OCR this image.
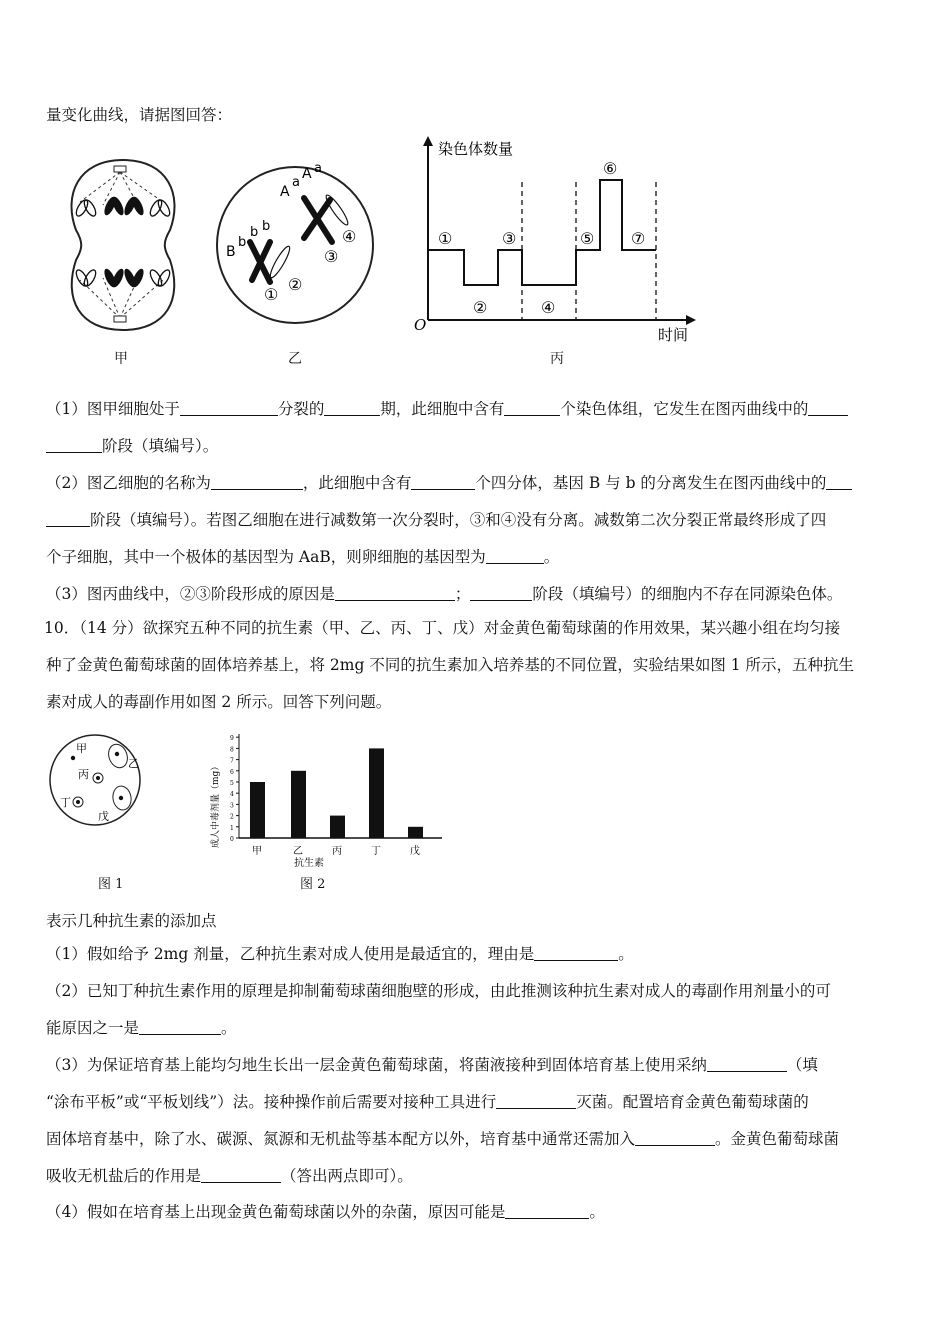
量变化曲线，请据图回答：
甲
A
a
A a
B
b
b b
①
②
③
④
乙
染色体数量
时间
O
①
②
③
④
⑤
⑥
⑦
丙
（1）图甲细胞处于	分裂的	期，此细胞中含有	个染色体组，它发生在图丙曲线中的
阶段（填编号）。
（2）图乙细胞的名称为	，此细胞中含有	个四分体，基因 B 与 b 的分离发生在图丙曲线中的
阶段（填编号）。若图乙细胞在进行减数第一次分裂时，③和④没有分离。减数第二次分裂正常最终形成了四
个子细胞，其中一个极体的基因型为 AaB，则卵细胞的基因型为	。
（3）图丙曲线中，②③阶段形成的原因是	；	阶段（填编号）的细胞内不存在同源染色体。
10．（14 分）欲探究五种不同的抗生素（甲、乙、丙、丁、戊）对金黄色葡萄球菌的作用效果，某兴趣小组在均匀接
种了金黄色葡萄球菌的固体培养基上，将 2mg 不同的抗生素加入培养基的不同位置，实验结果如图 1 所示，五种抗生
素对成人的毒副作用如图 2 所示。回答下列问题。
甲
乙
丙
丁
戊
图 1
成人中毒剂量（mg） 0
1
2
3
4
5
6
7
8
9
甲	乙	丙	丁	戊
抗生素
图 2
表示几种抗生素的添加点
（1）假如给予 2mg 剂量，乙种抗生素对成人使用是最适宜的，理由是	。
（2）已知丁种抗生素作用的原理是抑制葡萄球菌细胞壁的形成，由此推测该种抗生素对成人的毒副作用剂量小的可
能原因之一是	。
（3）为保证培育基上能均匀地生长出一层金黄色葡萄球菌，将菌液接种到固体培育基上使用采纳	（填
“涂布平板”或“平板划线”）法。接种操作前后需要对接种工具进行	灭菌。配置培育金黄色葡萄球菌的
固体培育基中，除了水、碳源、氮源和无机盐等基本配方以外，培育基中通常还需加入	。金黄色葡萄球菌
吸收无机盐后的作用是	（答出两点即可）。
（4）假如在培育基上出现金黄色葡萄球菌以外的杂菌，原因可能是	。
